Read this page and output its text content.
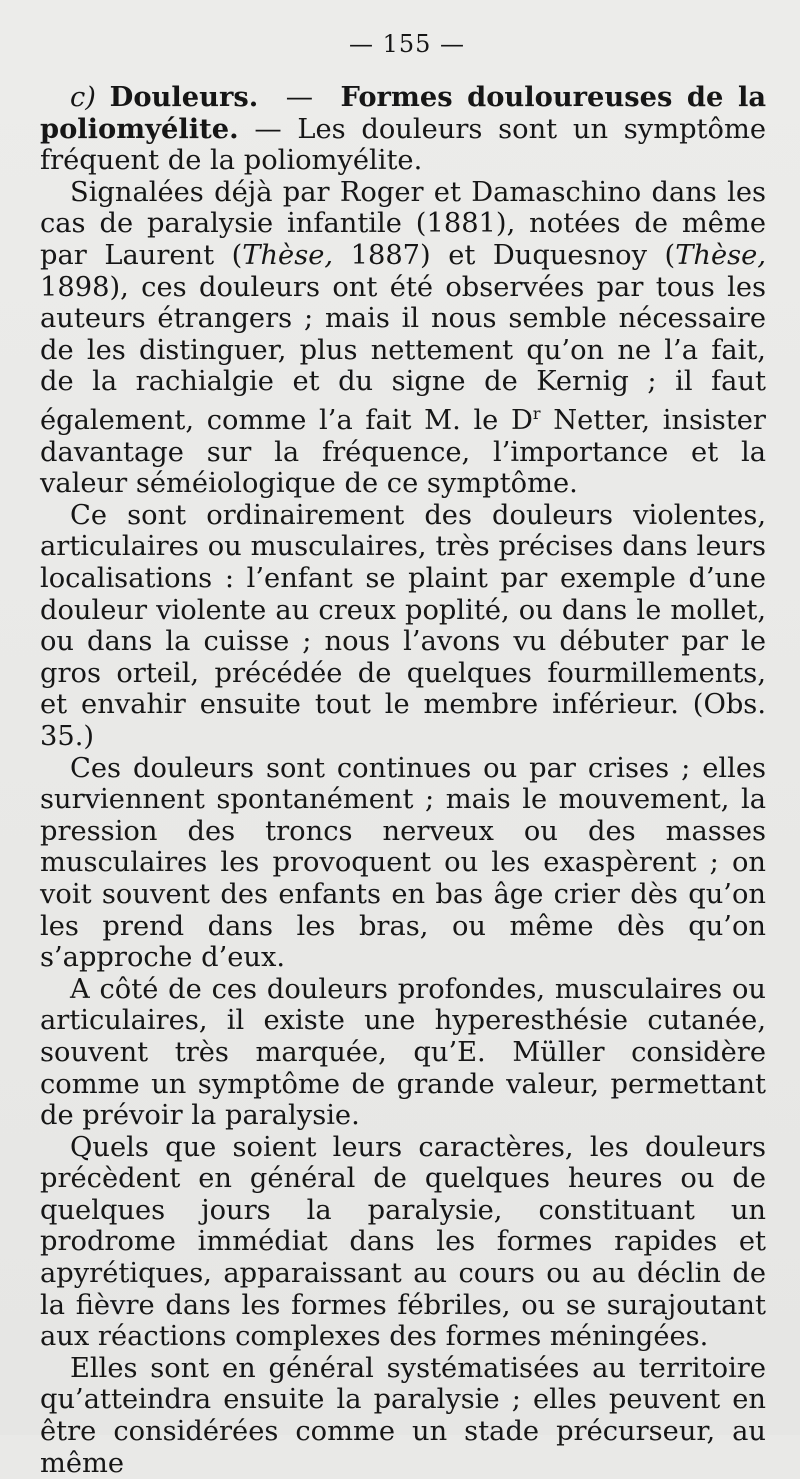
— 155 —

c) Douleurs. — Formes douloureuses de la poliomyélite. — Les douleurs sont un symptôme fréquent de la poliomyélite.

Signalées déjà par Roger et Damaschino dans les cas de paralysie infantile (1881), notées de même par Laurent (Thèse, 1887) et Duquesnoy (Thèse, 1898), ces douleurs ont été observées par tous les auteurs étrangers ; mais il nous semble nécessaire de les distinguer, plus nettement qu’on ne l’a fait, de la rachialgie et du signe de Kernig ; il faut également, comme l’a fait M. le $D^r$ Netter, insister davantage sur la fréquence, l’importance et la valeur séméiologique de ce symptôme.

Ce sont ordinairement des douleurs violentes, articulaires ou musculaires, très précises dans leurs localisations : l’enfant se plaint par exemple d’une douleur violente au creux poplité, ou dans le mollet, ou dans la cuisse ; nous l’avons vu débuter par le gros orteil, précédée de quelques fourmillements, et envahir ensuite tout le membre inférieur. (Obs. 35.)

Ces douleurs sont continues ou par crises ; elles surviennent spontanément ; mais le mouvement, la pression des troncs nerveux ou des masses musculaires les provoquent ou les exaspèrent ; on voit souvent des enfants en bas âge crier dès qu’on les prend dans les bras, ou même dès qu’on s’approche d’eux.

A côté de ces douleurs profondes, musculaires ou articulaires, il existe une hyperesthésie cutanée, souvent très marquée, qu’E. Müller considère comme un symptôme de grande valeur, permettant de prévoir la paralysie.

Quels que soient leurs caractères, les douleurs précèdent en général de quelques heures ou de quelques jours la paralysie, constituant un prodrome immédiat dans les formes rapides et apyrétiques, apparaissant au cours ou au déclin de la fièvre dans les formes fébriles, ou se surajoutant aux réactions complexes des formes méningées.

Elles sont en général systématisées au territoire qu’atteindra ensuite la paralysie ; elles peuvent en être considérées comme un stade précurseur, au même
